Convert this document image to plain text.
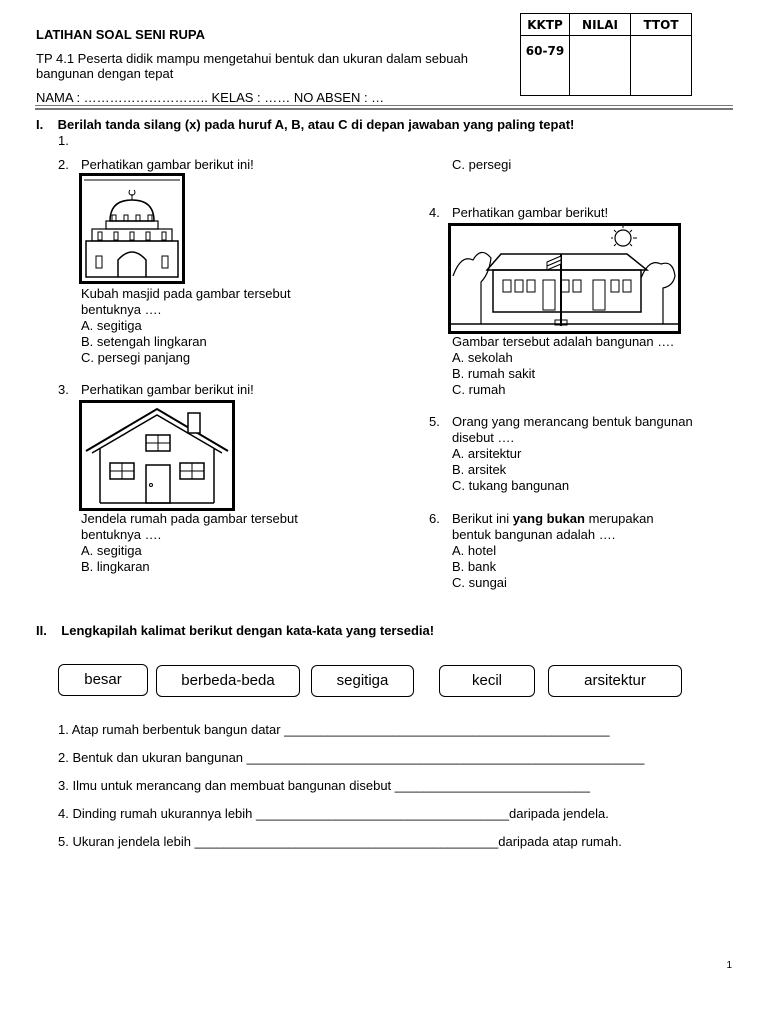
LATIHAN SOAL SENI RUPA
TP 4.1 Peserta didik mampu mengetahui bentuk dan ukuran dalam sebuah bangunan dengan tepat
NAMA : ……………………….. KELAS : …… NO ABSEN : …
KKTP	NILAI	TTOT
60-79		
I.    Berilah tanda silang (x) pada huruf A, B, atau C di depan jawaban yang paling tepat!
1.
2. Perhatikan gambar berikut ini!
Kubah masjid pada gambar tersebut
bentuknya ….
A. segitiga
B. setengah lingkaran
C. persegi panjang
3. Perhatikan gambar berikut ini!
Jendela rumah pada gambar tersebut
bentuknya ….
A. segitiga
B. lingkaran
C. persegi
4. Perhatikan gambar berikut!
Gambar tersebut adalah bangunan ….
A. sekolah
B. rumah sakit
C. rumah
5. Orang yang merancang bentuk bangunan
disebut ….
A. arsitektur
B. arsitek
C. tukang bangunan
6. Berikut ini yang bukan merupakan
bentuk bangunan adalah ….
A. hotel
B. bank
C. sungai
II.    Lengkapilah kalimat berikut dengan kata-kata yang tersedia!
besar	berbeda-beda	segitiga	kecil	arsitektur
1. Atap rumah berbentuk bangun datar _____________________________________________
2. Bentuk dan ukuran bangunan _______________________________________________________
3. Ilmu untuk merancang dan membuat bangunan disebut ___________________________
4. Dinding rumah ukurannya lebih ___________________________________daripada jendela.
5. Ukuran jendela lebih __________________________________________daripada atap rumah.
1
